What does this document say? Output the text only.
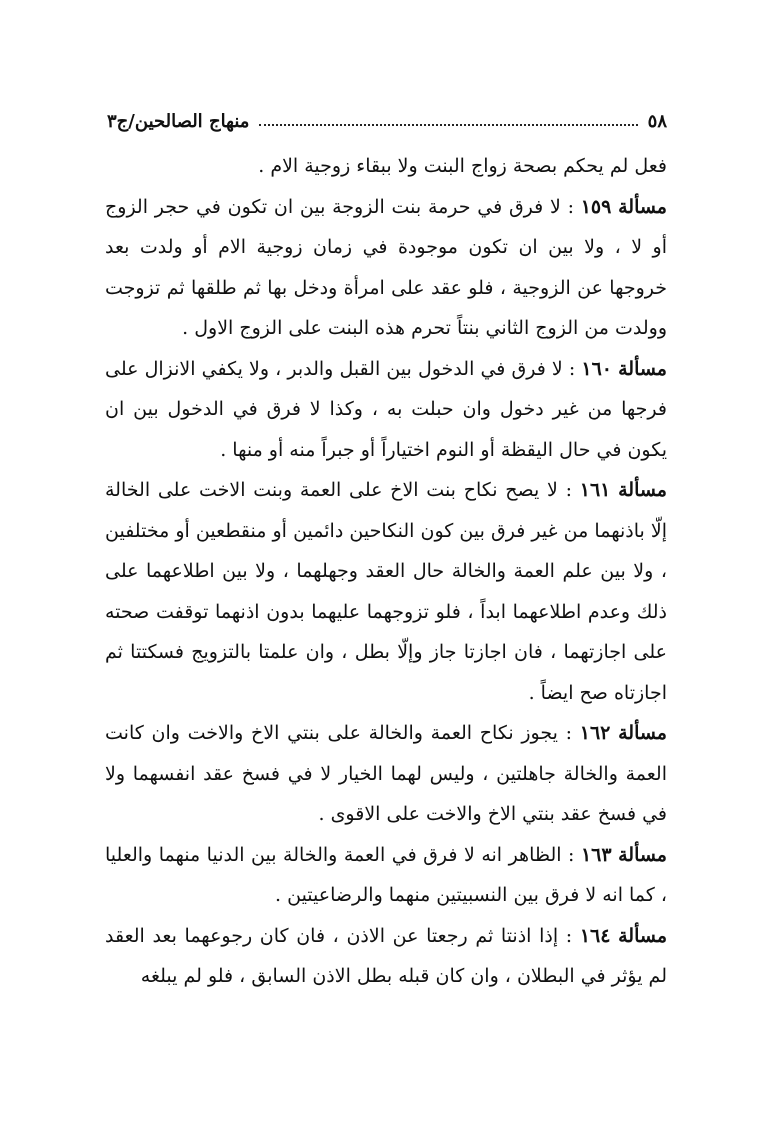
٥٨
منهاج الصالحين/ج٣

فعل لم يحكم بصحة زواج البنت ولا ببقاء زوجية الام .

مسألة ١٥٩ : لا فرق في حرمة بنت الزوجة بين ان تكون في حجر الزوج أو لا ، ولا بين ان تكون موجودة في زمان زوجية الام أو ولدت بعد خروجها عن الزوجية ، فلو عقد على امرأة ودخل بها ثم طلقها ثم تزوجت وولدت من الزوج الثاني بنتاً تحرم هذه البنت على الزوج الاول .

مسألة ١٦٠ : لا فرق في الدخول بين القبل والدبر ، ولا يكفي الانزال على فرجها من غير دخول وان حبلت به ، وكذا لا فرق في الدخول بين ان يكون في حال اليقظة أو النوم اختياراً أو جبراً منه أو منها .

مسألة ١٦١ : لا يصح نكاح بنت الاخ على العمة وبنت الاخت على الخالة إلّا باذنهما من غير فرق بين كون النكاحين دائمين أو منقطعين أو مختلفين ، ولا بين علم العمة والخالة حال العقد وجهلهما ، ولا بين اطلاعهما على ذلك وعدم اطلاعهما ابداً ، فلو تزوجهما عليهما بدون اذنهما توقفت صحته على اجازتهما ، فان اجازتا جاز وإلّا بطل ، وان علمتا بالتزويج فسكتتا ثم اجازتاه صح ايضاً .

مسألة ١٦٢ : يجوز نكاح العمة والخالة على بنتي الاخ والاخت وان كانت العمة والخالة جاهلتين ، وليس لهما الخيار لا في فسخ عقد انفسهما ولا في فسخ عقد بنتي الاخ والاخت على الاقوى .

مسألة ١٦٣ : الظاهر انه لا فرق في العمة والخالة بين الدنيا منهما والعليا ، كما انه لا فرق بين النسبيتين منهما والرضاعيتين .

مسألة ١٦٤ : إذا اذنتا ثم رجعتا عن الاذن ، فان كان رجوعهما بعد العقد لم يؤثر في البطلان ، وان كان قبله بطل الاذن السابق ، فلو لم يبلغه
